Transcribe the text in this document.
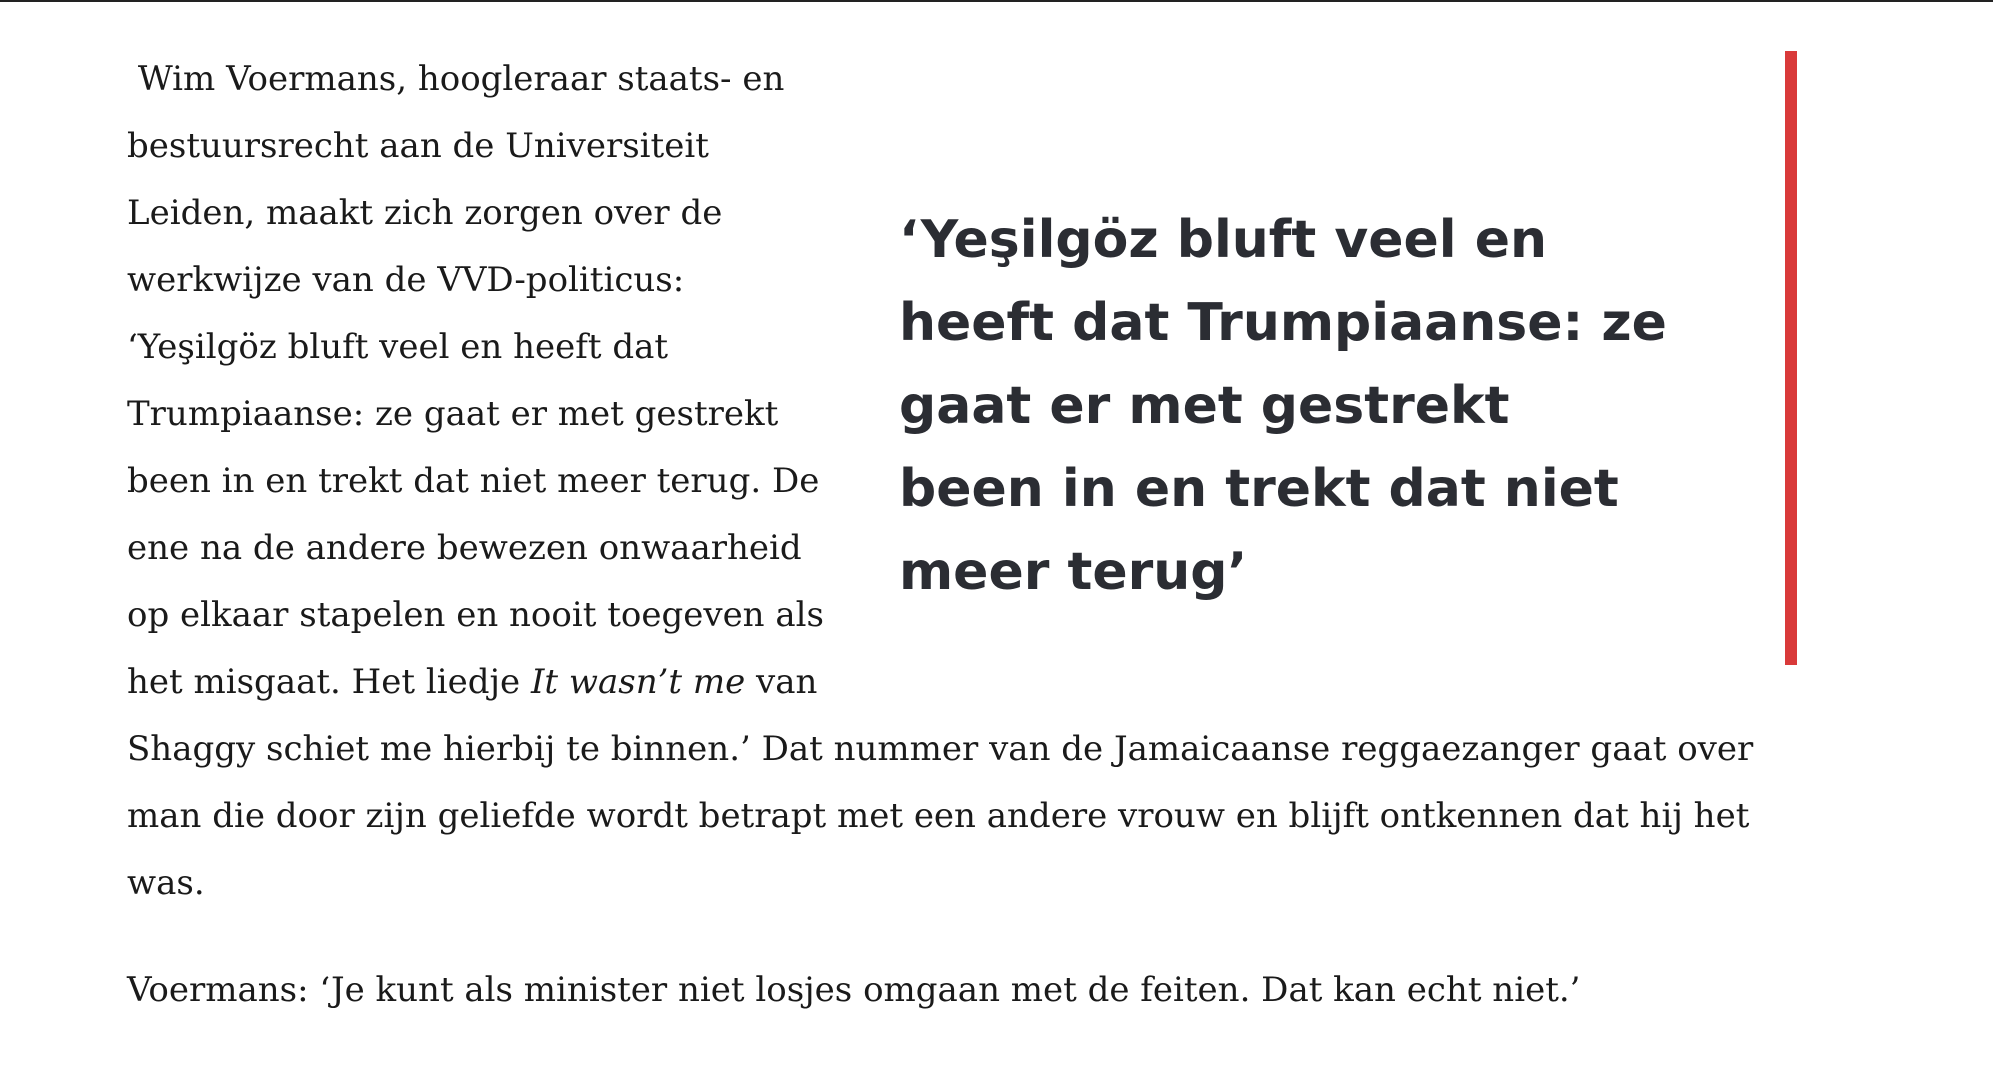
‘Yeşilgöz bluft veel en heeft dat Trumpiaanse: ze gaat er met gestrekt been in en trekt dat niet meer terug’

Wim Voermans, hoogleraar staats- en bestuursrecht aan de Universiteit Leiden, maakt zich zorgen over de werkwijze van de VVD-politicus: ‘Yeşilgöz bluft veel en heeft dat Trumpiaanse: ze gaat er met gestrekt been in en trekt dat niet meer terug. De ene na de andere bewezen onwaarheid op elkaar stapelen en nooit toegeven als het misgaat. Het liedje It wasn’t me van Shaggy schiet me hierbij te binnen.’ Dat nummer van de Jamaicaanse reggaezanger gaat over man die door zijn geliefde wordt betrapt met een andere vrouw en blijft ontkennen dat hij het was.

Voermans: ‘Je kunt als minister niet losjes omgaan met de feiten. Dat kan echt niet.’
